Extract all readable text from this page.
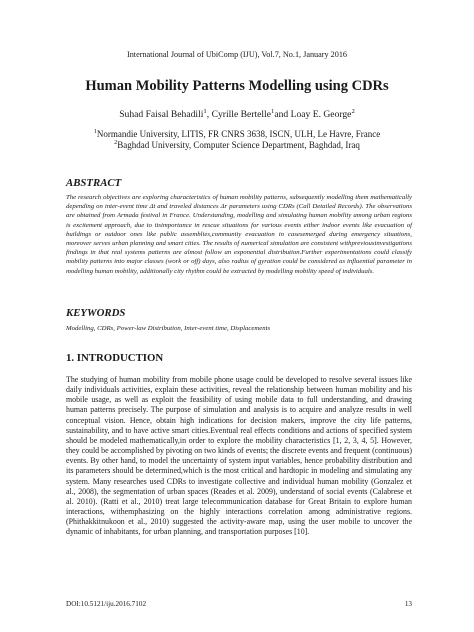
International Journal of UbiComp (IJU), Vol.7, No.1, January 2016
Human Mobility Patterns Modelling using CDRs
Suhad Faisal Behadili$^1$, Cyrille Bertelle$^1$and Loay E. George$^2$
$^1$Normandie University, LITIS, FR CNRS 3638, ISCN, ULH, Le Havre, France
$^2$Baghdad University, Computer Science Department, Baghdad, Iraq
ABSTRACT

The research objectives are exploring characteristics of human mobility patterns, subsequently modelling them mathematically depending on inter-event time Δt and traveled distances Δr parameters using CDRs (Call Detailed Records). The observations are obtained from Armada festival in France. Understanding, modelling and simulating human mobility among urban regions is excitement approach, due to itsimportance in rescue situations for various events either indoor events like evacuation of buildings or outdoor ones like public assemblies,community evacuation in casesemerged during emergency situations, moreover serves urban planning and smart cities. The results of numerical simulation are consistent withpreviousinvestigations findings in that real systems patterns are almost follow an exponential distribution.Further experimentations could classify mobility patterns into major classes (work or off) days, also radius of gyration could be considered as influential parameter in modelling human mobility, additionally city rhythm could be extracted by modelling mobility speed of individuals.

KEYWORDS

Modelling, CDRs, Power-law Distribution, Inter-event time, Displacements

1. INTRODUCTION

The studying of human mobility from mobile phone usage could be developed to resolve several issues like daily individuals activities, explain these activities, reveal the relationship between human mobility and his mobile usage, as well as exploit the feasibility of using mobile data to full understanding, and drawing human patterns precisely. The purpose of simulation and analysis is to acquire and analyze results in well conceptual vision. Hence, obtain high indications for decision makers, improve the city life patterns, sustainability, and to have active smart cities.Eventual real effects conditions and actions of specified system should be modeled mathematically,in order to explore the mobility characteristics [1, 2, 3, 4, 5]. However, they could be accomplished by pivoting on two kinds of events; the discrete events and frequent (continuous) events. By other hand, to model the uncertainty of system input variables, hence probability distribution and its parameters should be determined,which is the most critical and hardtopic in modeling and simulating any system. Many researches used CDRs to investigate collective and individual human mobility (Gonzalez et al., 2008), the segmentation of urban spaces (Reades et al. 2009), understand of social events (Calabrese et al. 2010). (Ratti et al., 2010) treat large telecommunication database for Great Britain to explore human interactions, withemphasizing on the highly interactions correlation among administrative regions. (Phithakkitnukoon et al., 2010) suggested the activity-aware map, using the user mobile to uncover the dynamic of inhabitants, for urban planning, and transportation purposes [10].

DOI:10.5121/iju.2016.7102	13
